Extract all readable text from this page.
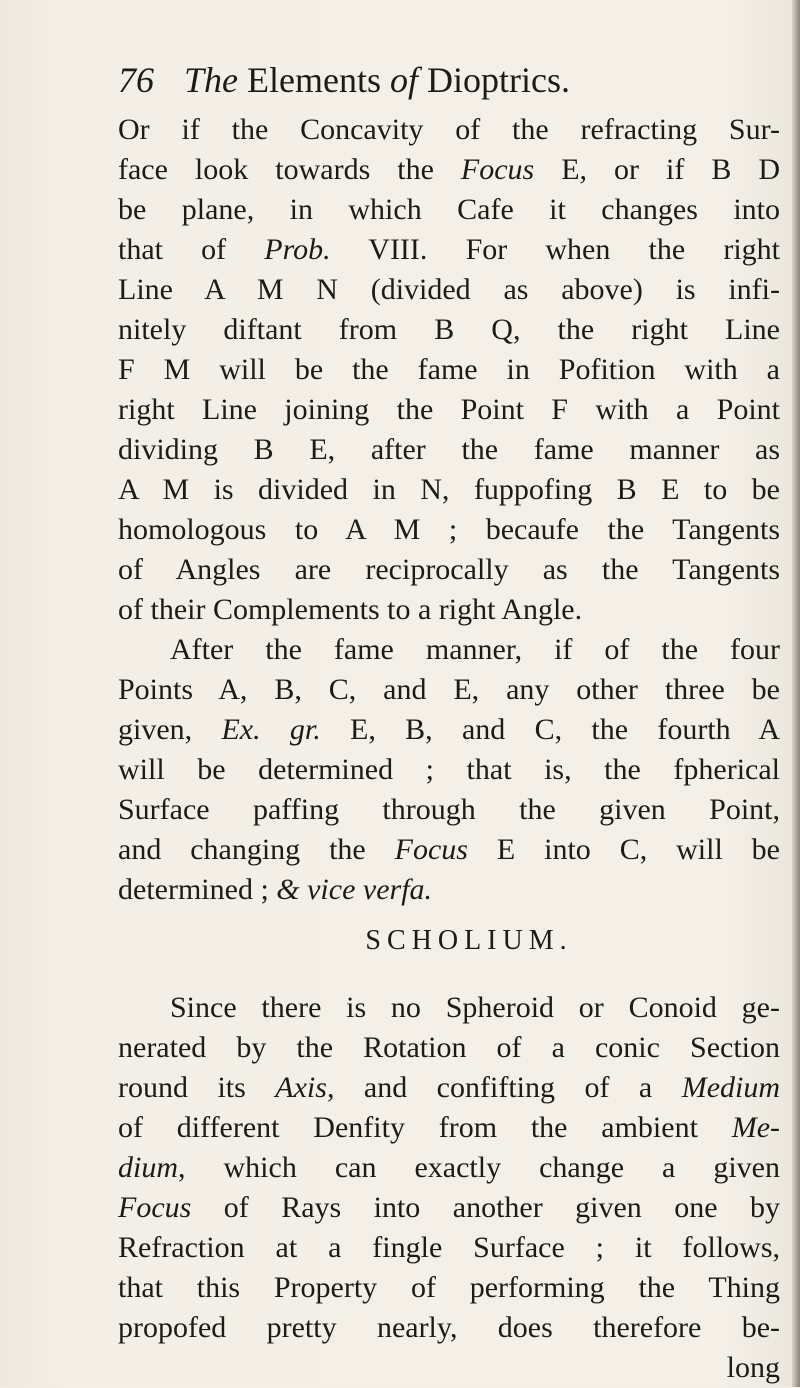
76 The Elements of Dioptrics.
Or if the Concavity of the refracting Sur-
face look towards the Focus E, or if B D
be plane, in which Cafe it changes into
that of Prob. VIII. For when the right
Line A M N (divided as above) is infi-
nitely diftant from B Q, the right Line
F M will be the fame in Pofition with a
right Line joining the Point F with a Point
dividing B E, after the fame manner as
A M is divided in N, fuppofing B E to be
homologous to A M ; becaufe the Tangents
of Angles are reciprocally as the Tangents
of their Complements to a right Angle.
After the fame manner, if of the four
Points A, B, C, and E, any other three be
given, Ex. gr. E, B, and C, the fourth A
will be determined ; that is, the fpherical
Surface paffing through the given Point,
and changing the Focus E into C, will be
determined ; & vice verfa.
SCHOLIUM.
Since there is no Spheroid or Conoid ge-
nerated by the Rotation of a conic Section
round its Axis, and confifting of a Medium
of different Denfity from the ambient Me-
dium, which can exactly change a given
Focus of Rays into another given one by
Refraction at a fingle Surface ; it follows,
that this Property of performing the Thing
propofed pretty nearly, does therefore be-
long
